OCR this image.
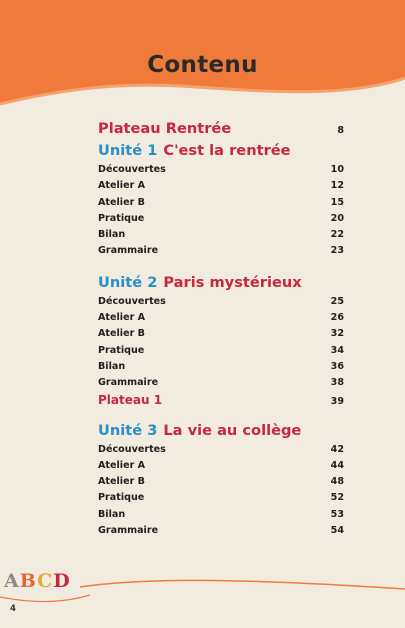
Contenu
Plateau Rentrée	8
Unité 1 C'est la rentrée
Découvertes	10
Atelier A	12
Atelier B	15
Pratique	20
Bilan	22
Grammaire	23
Unité 2 Paris mystérieux
Découvertes	25
Atelier A	26
Atelier B	32
Pratique	34
Bilan	36
Grammaire	38
Plateau 1	39
Unité 3 La vie au collège
Découvertes	42
Atelier A	44
Atelier B	48
Pratique	52
Bilan	53
Grammaire	54
ABCD
4
